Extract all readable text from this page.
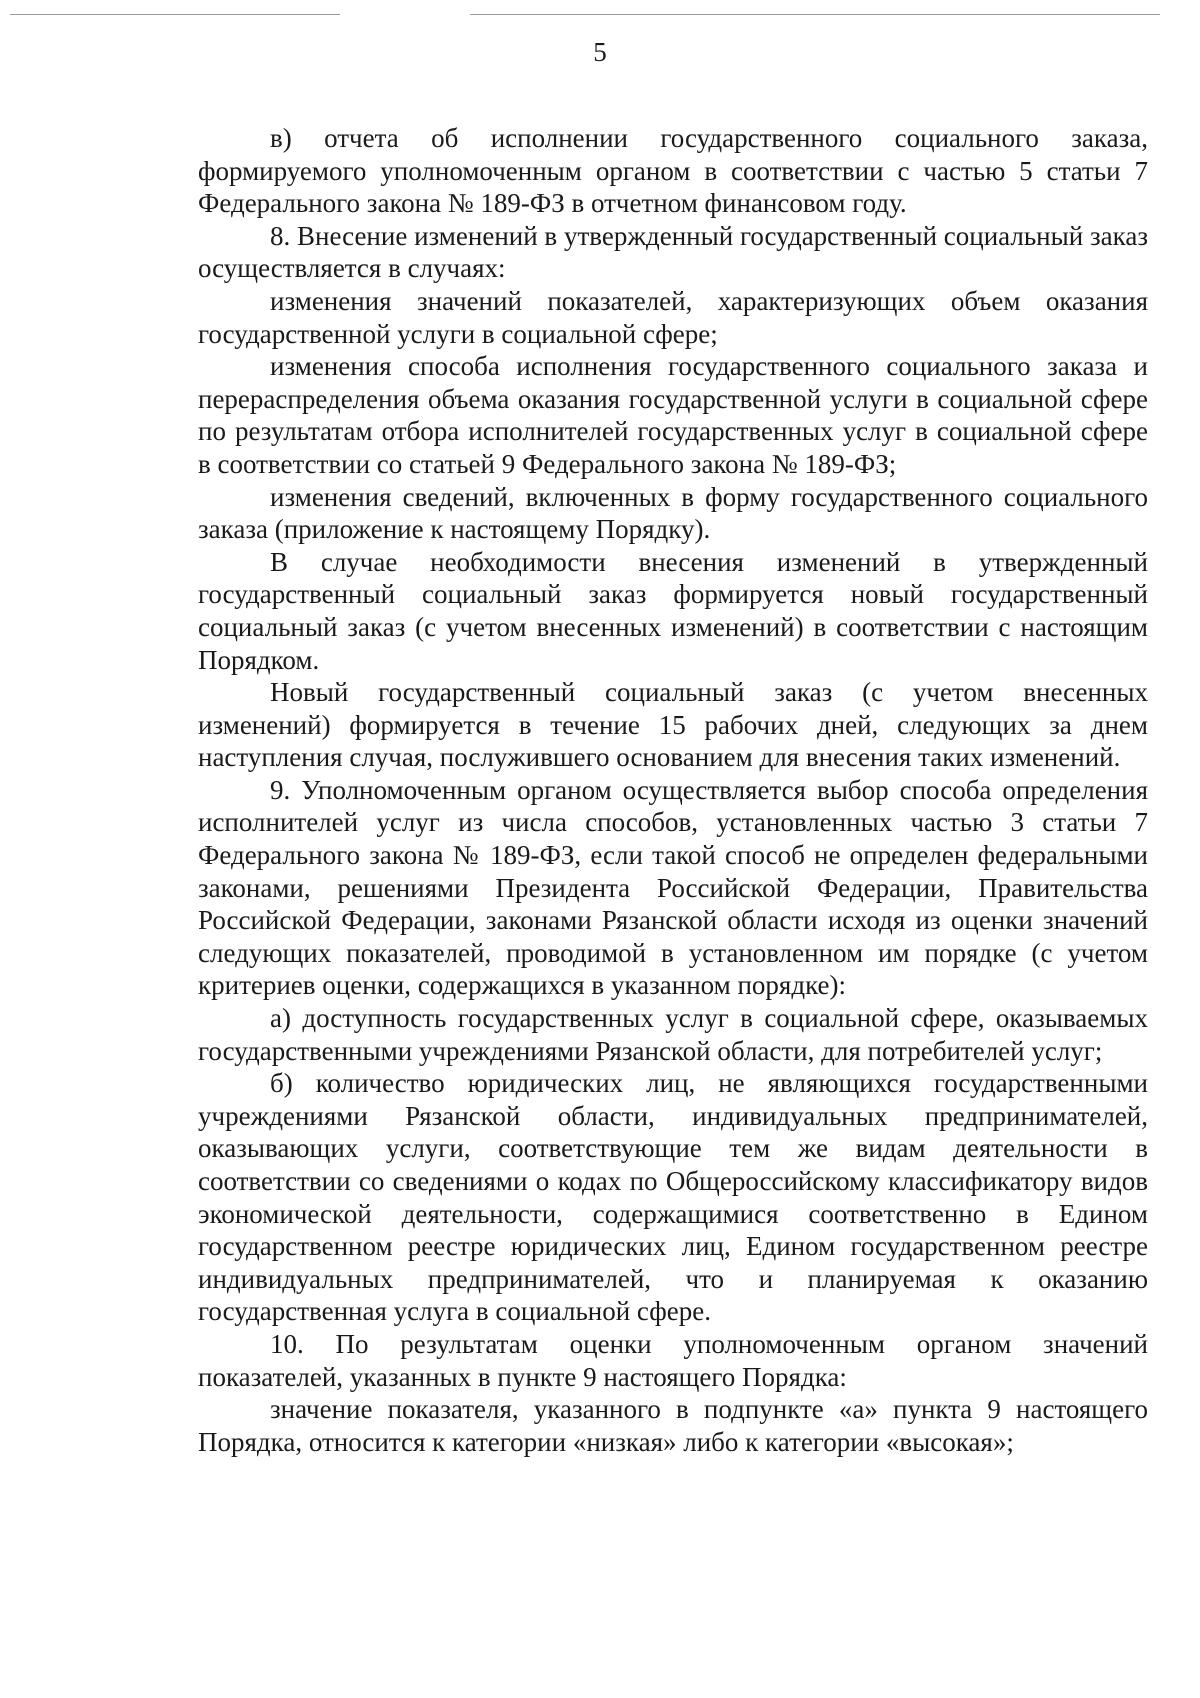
5

в) отчета об исполнении государственного социального заказа, формируемого уполномоченным органом в соответствии с частью 5 статьи 7 Федерального закона № 189-ФЗ в отчетном финансовом году.

8. Внесение изменений в утвержденный государственный социальный заказ осуществляется в случаях:

изменения значений показателей, характеризующих объем оказания государственной услуги в социальной сфере;

изменения способа исполнения государственного социального заказа и перераспределения объема оказания государственной услуги в социальной сфере по результатам отбора исполнителей государственных услуг в социальной сфере в соответствии со статьей 9 Федерального закона № 189-ФЗ;

изменения сведений, включенных в форму государственного социального заказа (приложение к настоящему Порядку).

В случае необходимости внесения изменений в утвержденный государственный социальный заказ формируется новый государственный социальный заказ (с учетом внесенных изменений) в соответствии с настоящим Порядком.

Новый государственный социальный заказ (с учетом внесенных изменений) формируется в течение 15 рабочих дней, следующих за днем наступления случая, послужившего основанием для внесения таких изменений.

9. Уполномоченным органом осуществляется выбор способа определения исполнителей услуг из числа способов, установленных частью 3 статьи 7 Федерального закона № 189-ФЗ, если такой способ не определен федеральными законами, решениями Президента Российской Федерации, Правительства Российской Федерации, законами Рязанской области исходя из оценки значений следующих показателей, проводимой в установленном им порядке (с учетом критериев оценки, содержащихся в указанном порядке):

а) доступность государственных услуг в социальной сфере, оказываемых государственными учреждениями Рязанской области, для потребителей услуг;

б) количество юридических лиц, не являющихся государственными учреждениями Рязанской области, индивидуальных предпринимателей, оказывающих услуги, соответствующие тем же видам деятельности в соответствии со сведениями о кодах по Общероссийскому классификатору видов экономической деятельности, содержащимися соответственно в Едином государственном реестре юридических лиц, Едином государственном реестре индивидуальных предпринимателей, что и планируемая к оказанию государственная услуга в социальной сфере.

10. По результатам оценки уполномоченным органом значений показателей, указанных в пункте 9 настоящего Порядка:

значение показателя, указанного в подпункте «а» пункта 9 настоящего Порядка, относится к категории «низкая» либо к категории «высокая»;
